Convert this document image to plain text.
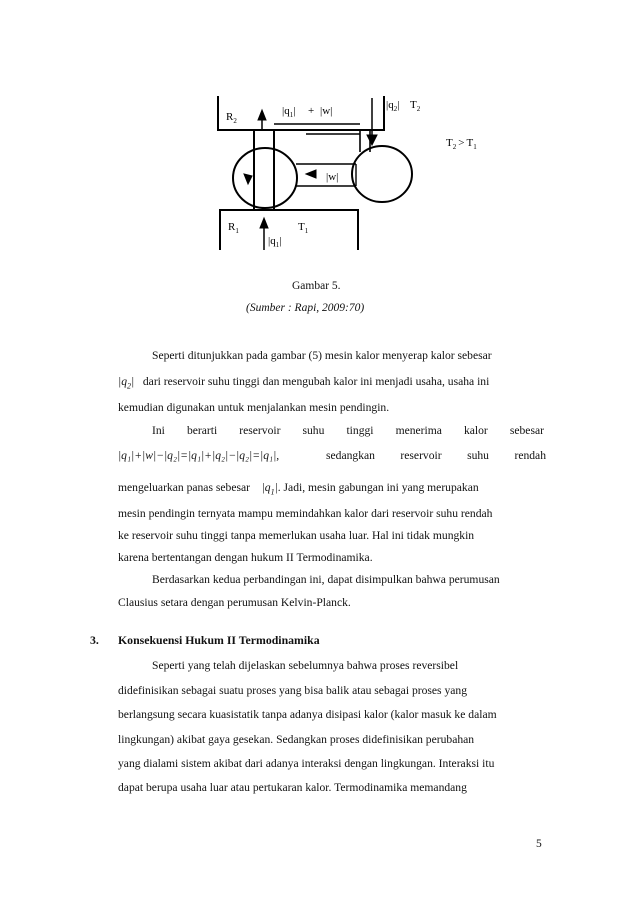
$R_2$
$|q_1| + |w|$	$|q_2|$ $T_2$
$T_2 > T_1$
|w|
$R_1$
$|q_1|$
$T_1$
Gambar 5.
(Sumber : Rapi, 2009:70)
Seperti ditunjukkan pada gambar (5) mesin kalor menyerap kalor sebesar
$|q_2|$ dari reservoir suhu tinggi dan mengubah kalor ini menjadi usaha, usaha ini
kemudian digunakan untuk menjalankan mesin pendingin.
Ini berarti reservoir suhu tinggi menerima kalor sebesar
|q₁|+|w|−|q₂|=|q₁|+|q₂|−|q₂|=|q₁|,	sedangkan reservoir suhu rendah
mengeluarkan panas sebesar $|q_1|$. Jadi, mesin gabungan ini yang merupakan
mesin pendingin ternyata mampu memindahkan kalor dari reservoir suhu rendah
ke reservoir suhu tinggi tanpa memerlukan usaha luar. Hal ini tidak mungkin
karena bertentangan dengan hukum II Termodinamika.
Berdasarkan kedua perbandingan ini, dapat disimpulkan bahwa perumusan
Clausius setara dengan perumusan Kelvin-Planck.
3. Konsekuensi Hukum II Termodinamika
Seperti yang telah dijelaskan sebelumnya bahwa proses reversibel
didefinisikan sebagai suatu proses yang bisa balik atau sebagai proses yang
berlangsung secara kuasistatik tanpa adanya disipasi kalor (kalor masuk ke dalam
lingkungan) akibat gaya gesekan. Sedangkan proses didefinisikan perubahan
yang dialami sistem akibat dari adanya interaksi dengan lingkungan. Interaksi itu
dapat berupa usaha luar atau pertukaran kalor. Termodinamika memandang
5
